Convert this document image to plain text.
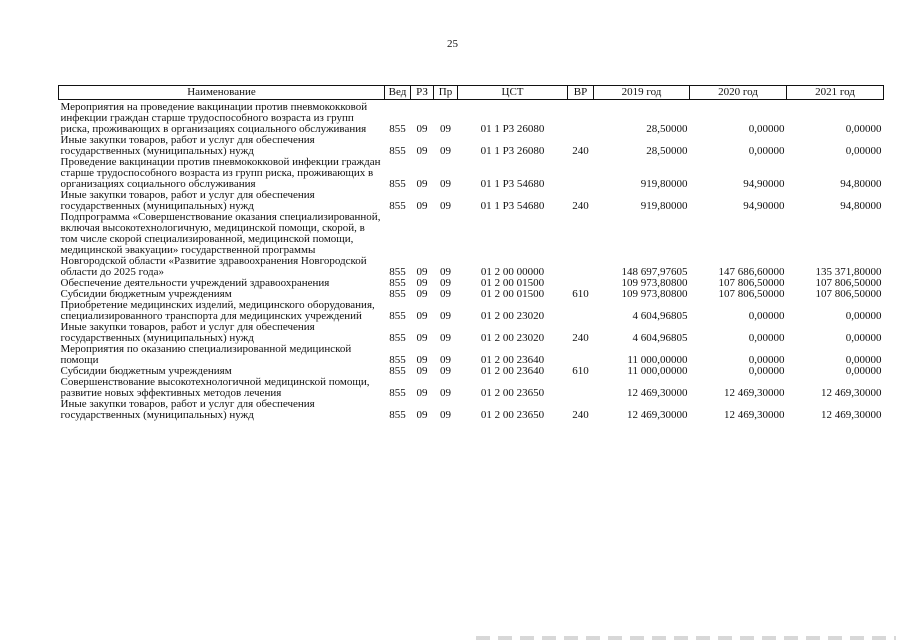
25
Наименование	Вед	РЗ	Пр	ЦСТ	ВР	2019 год	2020 год	2021 год
Мероприятия на проведение вакцинации против пневмококковой инфекции граждан старше трудоспособного возраста из групп риска, проживающих в организациях социального обслуживания	855	09	09	01 1 Р3 26080		28,50000	0,00000	0,00000
Иные закупки товаров, работ и услуг для обеспечения государственных (муниципальных) нужд	855	09	09	01 1 Р3 26080	240	28,50000	0,00000	0,00000
Проведение вакцинации против пневмококковой инфекции граждан старше трудоспособного возраста из групп риска, проживающих в организациях социального обслуживания	855	09	09	01 1 Р3 54680		919,80000	94,90000	94,80000
Иные закупки товаров, работ и услуг для обеспечения государственных (муниципальных) нужд	855	09	09	01 1 Р3 54680	240	919,80000	94,90000	94,80000
Подпрограмма «Совершенствование оказания специализированной, включая высокотехнологичную, медицинской помощи, скорой, в том числе скорой специализированной, медицинской помощи, медицинской эвакуации» государственной программы Новгородской области «Развитие здравоохранения Новгородской области до 2025 года»	855	09	09	01 2 00 00000		148 697,97605	147 686,60000	135 371,80000
Обеспечение деятельности учреждений здравоохранения	855	09	09	01 2 00 01500		109 973,80800	107 806,50000	107 806,50000
Субсидии бюджетным учреждениям	855	09	09	01 2 00 01500	610	109 973,80800	107 806,50000	107 806,50000
Приобретение медицинских изделий, медицинского оборудования, специализированного транспорта для медицинских учреждений	855	09	09	01 2 00 23020		4 604,96805	0,00000	0,00000
Иные закупки товаров, работ и услуг для обеспечения государственных (муниципальных) нужд	855	09	09	01 2 00 23020	240	4 604,96805	0,00000	0,00000
Мероприятия по оказанию специализированной медицинской помощи	855	09	09	01 2 00 23640		11 000,00000	0,00000	0,00000
Субсидии бюджетным учреждениям	855	09	09	01 2 00 23640	610	11 000,00000	0,00000	0,00000
Совершенствование высокотехнологичной медицинской помощи, развитие новых эффективных методов лечения	855	09	09	01 2 00 23650		12 469,30000	12 469,30000	12 469,30000
Иные закупки товаров, работ и услуг для обеспечения государственных (муниципальных) нужд	855	09	09	01 2 00 23650	240	12 469,30000	12 469,30000	12 469,30000
